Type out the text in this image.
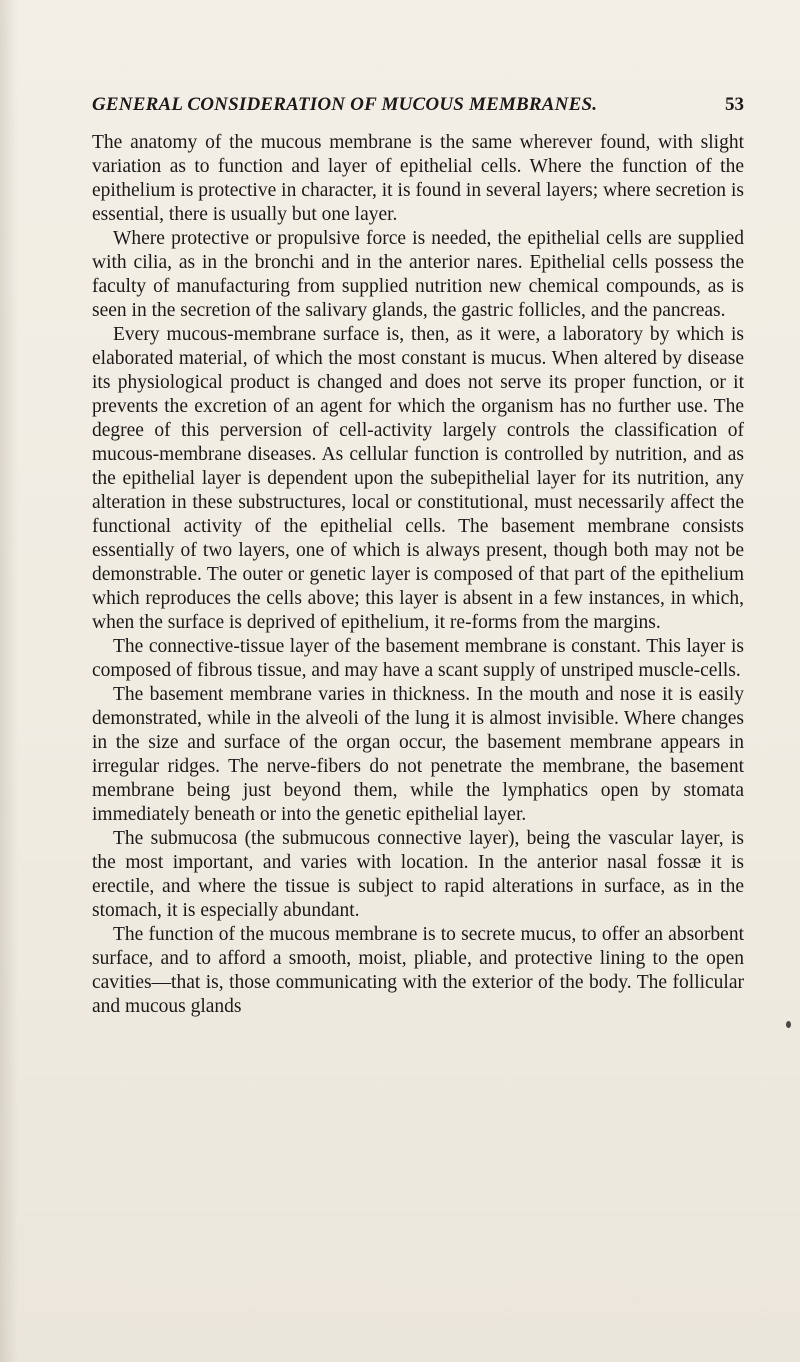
GENERAL CONSIDERATION OF MUCOUS MEMBRANES.	53

The anatomy of the mucous membrane is the same wherever found, with slight variation as to function and layer of epithelial cells. Where the function of the epithelium is protective in character, it is found in several layers; where secretion is essential, there is usually but one layer.

Where protective or propulsive force is needed, the epithelial cells are supplied with cilia, as in the bronchi and in the anterior nares. Epithelial cells possess the faculty of manufacturing from supplied nutrition new chemical compounds, as is seen in the secretion of the salivary glands, the gastric follicles, and the pancreas.

Every mucous-membrane surface is, then, as it were, a laboratory by which is elaborated material, of which the most constant is mucus. When altered by disease its physiological product is changed and does not serve its proper function, or it prevents the excretion of an agent for which the organism has no further use. The degree of this perversion of cell-activity largely controls the classification of mucous-membrane diseases. As cellular function is controlled by nutrition, and as the epithelial layer is dependent upon the subepithelial layer for its nutrition, any alteration in these substructures, local or constitutional, must necessarily affect the functional activity of the epithelial cells. The basement membrane consists essentially of two layers, one of which is always present, though both may not be demonstrable. The outer or genetic layer is composed of that part of the epithelium which reproduces the cells above; this layer is absent in a few instances, in which, when the surface is deprived of epithelium, it re-forms from the margins.

The connective-tissue layer of the basement membrane is constant. This layer is composed of fibrous tissue, and may have a scant supply of unstriped muscle-cells.

The basement membrane varies in thickness. In the mouth and nose it is easily demonstrated, while in the alveoli of the lung it is almost invisible. Where changes in the size and surface of the organ occur, the basement membrane appears in irregular ridges. The nerve-fibers do not penetrate the membrane, the basement membrane being just beyond them, while the lymphatics open by stomata immediately beneath or into the genetic epithelial layer.

The submucosa (the submucous connective layer), being the vascular layer, is the most important, and varies with location. In the anterior nasal fossæ it is erectile, and where the tissue is subject to rapid alterations in surface, as in the stomach, it is especially abundant.

The function of the mucous membrane is to secrete mucus, to offer an absorbent surface, and to afford a smooth, moist, pliable, and protective lining to the open cavities—that is, those communicating with the exterior of the body. The follicular and mucous glands
